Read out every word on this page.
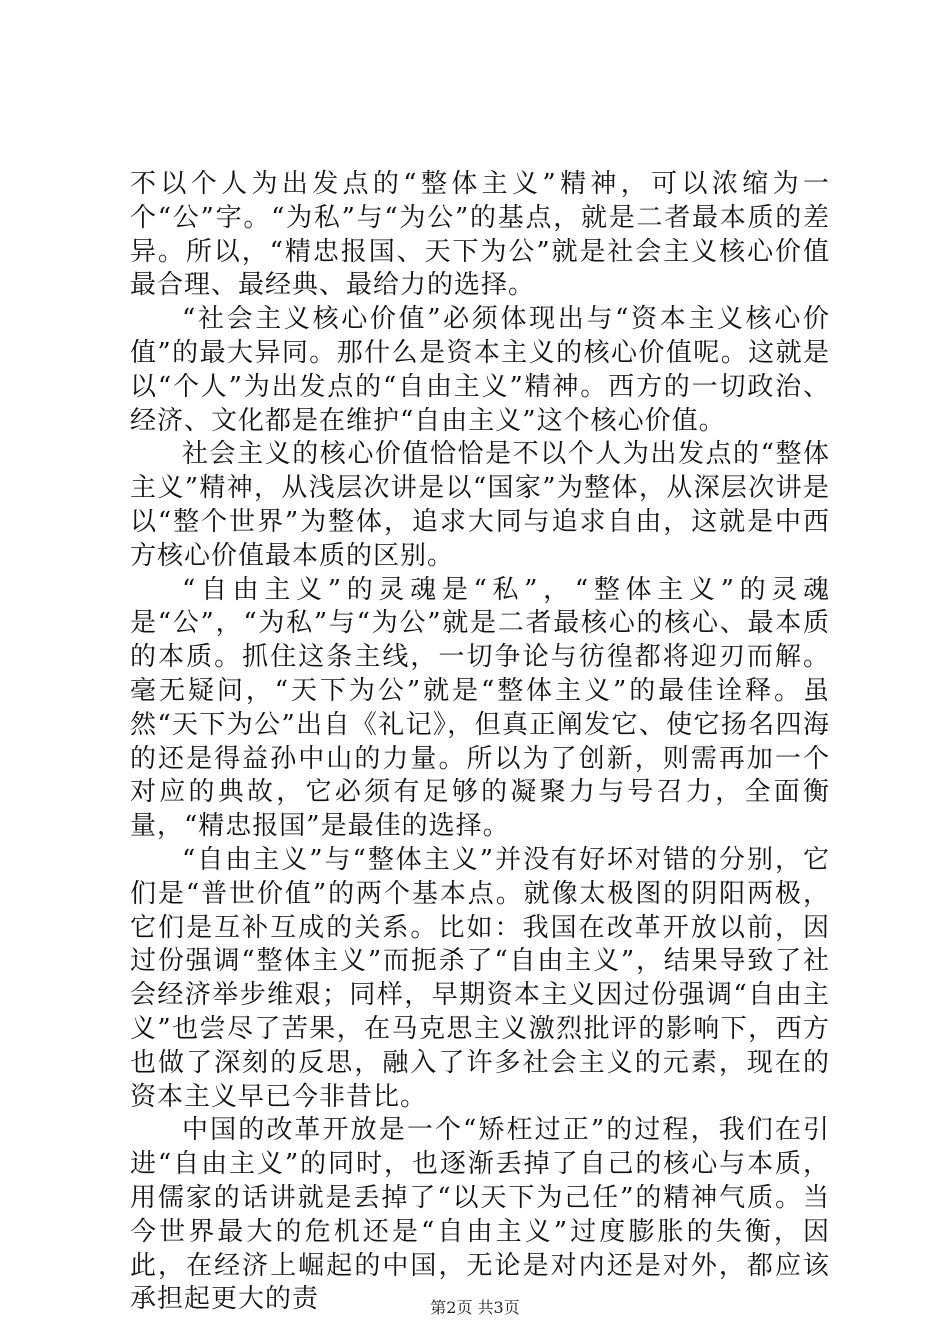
不以个人为出发点的“整体主义”精神，可以浓缩为一个“公”字。“为私”与“为公”的基点，就是二者最本质的差异。所以，“精忠报国、天下为公”就是社会主义核心价值最合理、最经典、最给力的选择。

“社会主义核心价值”必须体现出与“资本主义核心价值”的最大异同。那什么是资本主义的核心价值呢。这就是以“个人”为出发点的“自由主义”精神。西方的一切政治、经济、文化都是在维护“自由主义”这个核心价值。

社会主义的核心价值恰恰是不以个人为出发点的“整体主义”精神，从浅层次讲是以“国家”为整体，从深层次讲是以“整个世界”为整体，追求大同与追求自由，这就是中西方核心价值最本质的区别。

“自由主义”的灵魂是“私”，“整体主义”的灵魂是“公”，“为私”与“为公”就是二者最核心的核心、最本质的本质。抓住这条主线，一切争论与彷徨都将迎刃而解。毫无疑问，“天下为公”就是“整体主义”的最佳诠释。虽然“天下为公”出自《礼记》，但真正阐发它、使它扬名四海的还是得益孙中山的力量。所以为了创新，则需再加一个对应的典故，它必须有足够的凝聚力与号召力，全面衡量，“精忠报国”是最佳的选择。

“自由主义”与“整体主义”并没有好坏对错的分别，它们是“普世价值”的两个基本点。就像太极图的阴阳两极，它们是互补互成的关系。比如：我国在改革开放以前，因过份强调“整体主义”而扼杀了“自由主义”，结果导致了社会经济举步维艰；同样，早期资本主义因过份强调“自由主义”也尝尽了苦果，在马克思主义激烈批评的影响下，西方也做了深刻的反思，融入了许多社会主义的元素，现在的资本主义早已今非昔比。

中国的改革开放是一个“矫枉过正”的过程，我们在引进“自由主义”的同时，也逐渐丢掉了自己的核心与本质，用儒家的话讲就是丢掉了“以天下为己任”的精神气质。当今世界最大的危机还是“自由主义”过度膨胀的失衡，因此，在经济上崛起的中国，无论是对内还是对外，都应该承担起更大的责	第2页 共3页
